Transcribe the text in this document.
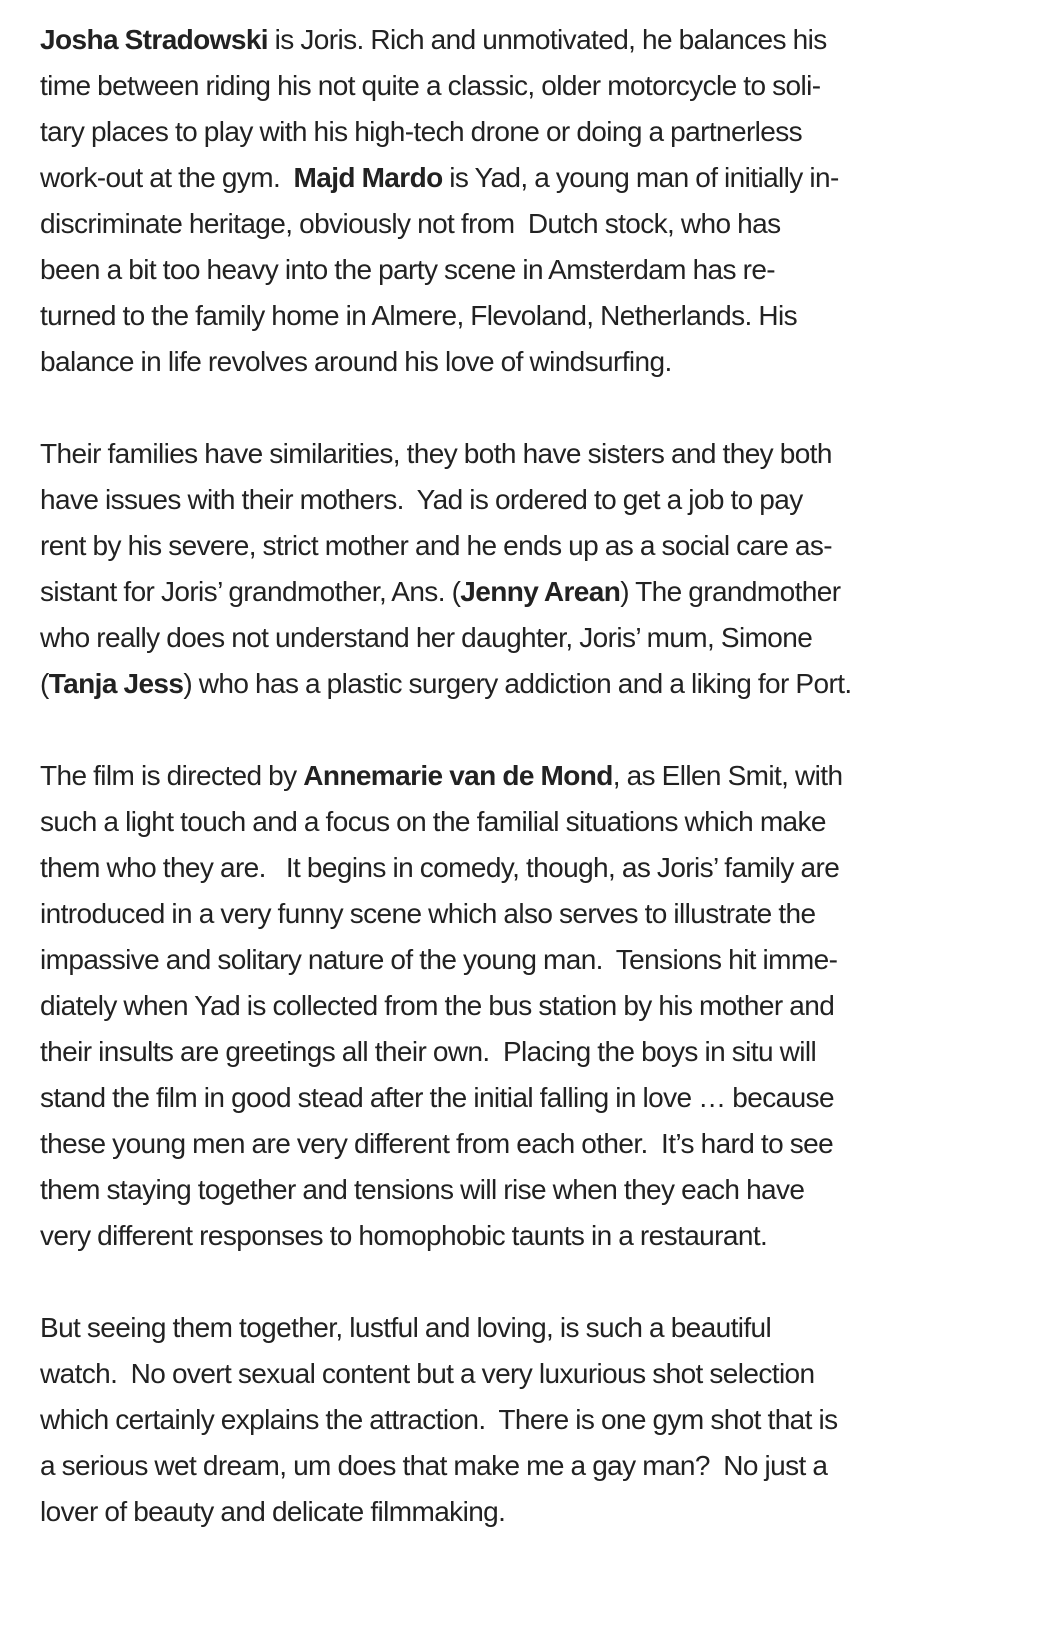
Josha Stradowski is Joris. Rich and unmotivated, he balances his
time between riding his not quite a classic, older motorcycle to soli-
tary places to play with his high-tech drone or doing a partnerless
work-out at the gym.  Majd Mardo is Yad, a young man of initially in-
discriminate heritage, obviously not from  Dutch stock, who has
been a bit too heavy into the party scene in Amsterdam has re-
turned to the family home in Almere, Flevoland, Netherlands. His
balance in life revolves around his love of windsurfing.

Their families have similarities, they both have sisters and they both
have issues with their mothers.  Yad is ordered to get a job to pay
rent by his severe, strict mother and he ends up as a social care as-
sistant for Joris’ grandmother, Ans. (Jenny Arean) The grandmother
who really does not understand her daughter, Joris’ mum, Simone
(Tanja Jess) who has a plastic surgery addiction and a liking for Port.

The film is directed by Annemarie van de Mond, as Ellen Smit, with
such a light touch and a focus on the familial situations which make
them who they are.   It begins in comedy, though, as Joris’ family are
introduced in a very funny scene which also serves to illustrate the
impassive and solitary nature of the young man.  Tensions hit imme-
diately when Yad is collected from the bus station by his mother and
their insults are greetings all their own.  Placing the boys in situ will
stand the film in good stead after the initial falling in love … because
these young men are very different from each other.  It’s hard to see
them staying together and tensions will rise when they each have
very different responses to homophobic taunts in a restaurant.

But seeing them together, lustful and loving, is such a beautiful
watch.  No overt sexual content but a very luxurious shot selection
which certainly explains the attraction.  There is one gym shot that is
a serious wet dream, um does that make me a gay man?  No just a
lover of beauty and delicate filmmaking.
